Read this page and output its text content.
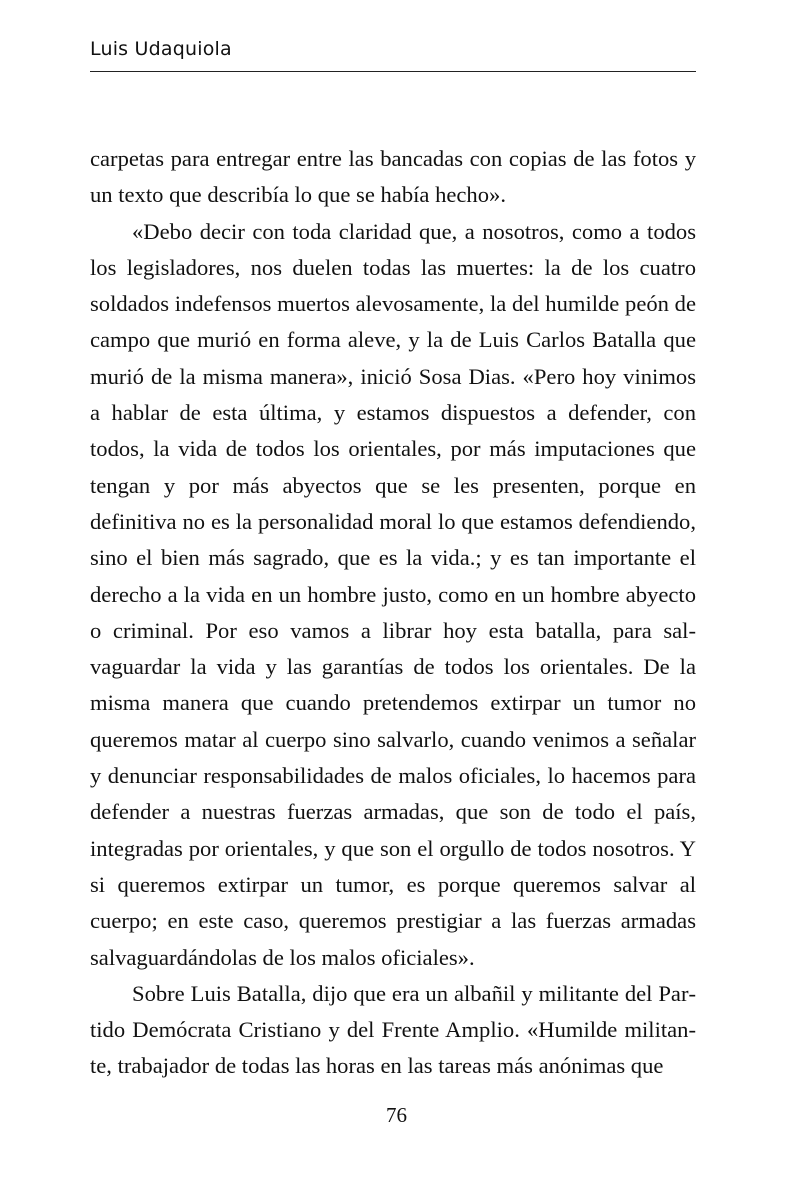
Luis Udaquiola

carpetas para entregar entre las bancadas con copias de las fotos y un texto que describía lo que se había hecho».

«Debo decir con toda claridad que, a nosotros, como a todos los legisladores, nos duelen todas las muertes: la de los cuatro soldados indefensos muertos alevosamente, la del humilde peón de campo que murió en forma aleve, y la de Luis Carlos Batalla que murió de la misma manera», inició Sosa Dias. «Pero hoy vinimos a hablar de esta última, y estamos dispuestos a defender, con todos, la vida de todos los orientales, por más imputaciones que tengan y por más abyectos que se les presenten, porque en definitiva no es la personalidad moral lo que estamos defendiendo, sino el bien más sagrado, que es la vida.; y es tan importante el derecho a la vida en un hombre justo, como en un hombre abyecto o criminal. Por eso vamos a librar hoy esta batalla, para salvaguardar la vida y las garantías de todos los orientales. De la misma manera que cuando pretendemos extirpar un tumor no queremos matar al cuerpo sino salvarlo, cuando venimos a señalar y denunciar responsabilidades de malos oficiales, lo hacemos para defender a nuestras fuerzas armadas, que son de todo el país, integradas por orientales, y que son el orgullo de todos nosotros. Y si queremos extirpar un tumor, es porque queremos salvar al cuerpo; en este caso, queremos prestigiar a las fuerzas armadas salvaguardándolas de los malos oficiales».

Sobre Luis Batalla, dijo que era un albañil y militante del Partido Demócrata Cristiano y del Frente Amplio. «Humilde militante, trabajador de todas las horas en las tareas más anónimas que

76
